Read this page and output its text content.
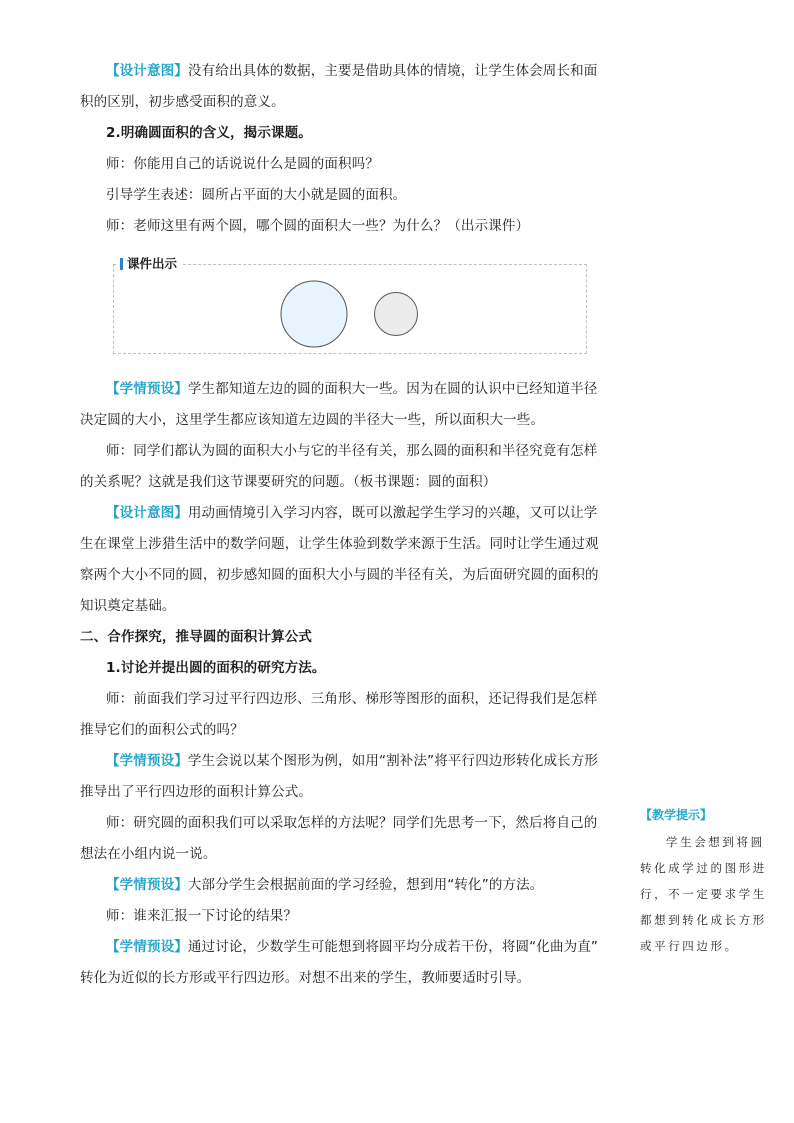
【设计意图】没有给出具体的数据，主要是借助具体的情境，让学生体会周长和面
积的区别，初步感受面积的意义。
2.明确圆面积的含义，揭示课题。
师：你能用自己的话说说什么是圆的面积吗？
引导学生表述：圆所占平面的大小就是圆的面积。
师：老师这里有两个圆，哪个圆的面积大一些？为什么？（出示课件）
课件出示
【学情预设】学生都知道左边的圆的面积大一些。因为在圆的认识中已经知道半径
决定圆的大小，这里学生都应该知道左边圆的半径大一些，所以面积大一些。
师：同学们都认为圆的面积大小与它的半径有关，那么圆的面积和半径究竟有怎样
的关系呢？这就是我们这节课要研究的问题。（板书课题：圆的面积）
【设计意图】用动画情境引入学习内容，既可以激起学生学习的兴趣，又可以让学
生在课堂上涉猎生活中的数学问题，让学生体验到数学来源于生活。同时让学生通过观
察两个大小不同的圆，初步感知圆的面积大小与圆的半径有关，为后面研究圆的面积的
知识奠定基础。
二、合作探究，推导圆的面积计算公式
1.讨论并提出圆的面积的研究方法。
师：前面我们学习过平行四边形、三角形、梯形等图形的面积，还记得我们是怎样
推导它们的面积公式的吗？
【学情预设】学生会说以某个图形为例，如用“割补法”将平行四边形转化成长方形
推导出了平行四边形的面积计算公式。
师：研究圆的面积我们可以采取怎样的方法呢？同学们先思考一下，然后将自己的
想法在小组内说一说。
【学情预设】大部分学生会根据前面的学习经验，想到用“转化”的方法。
师：谁来汇报一下讨论的结果？
【学情预设】通过讨论，少数学生可能想到将圆平均分成若干份，将圆“化曲为直”
转化为近似的长方形或平行四边形。对想不出来的学生，教师要适时引导。
【教学提示】
学生会想到将圆
转化成学过的图形进
行，不一定要求学生
都想到转化成长方形
或平行四边形。
